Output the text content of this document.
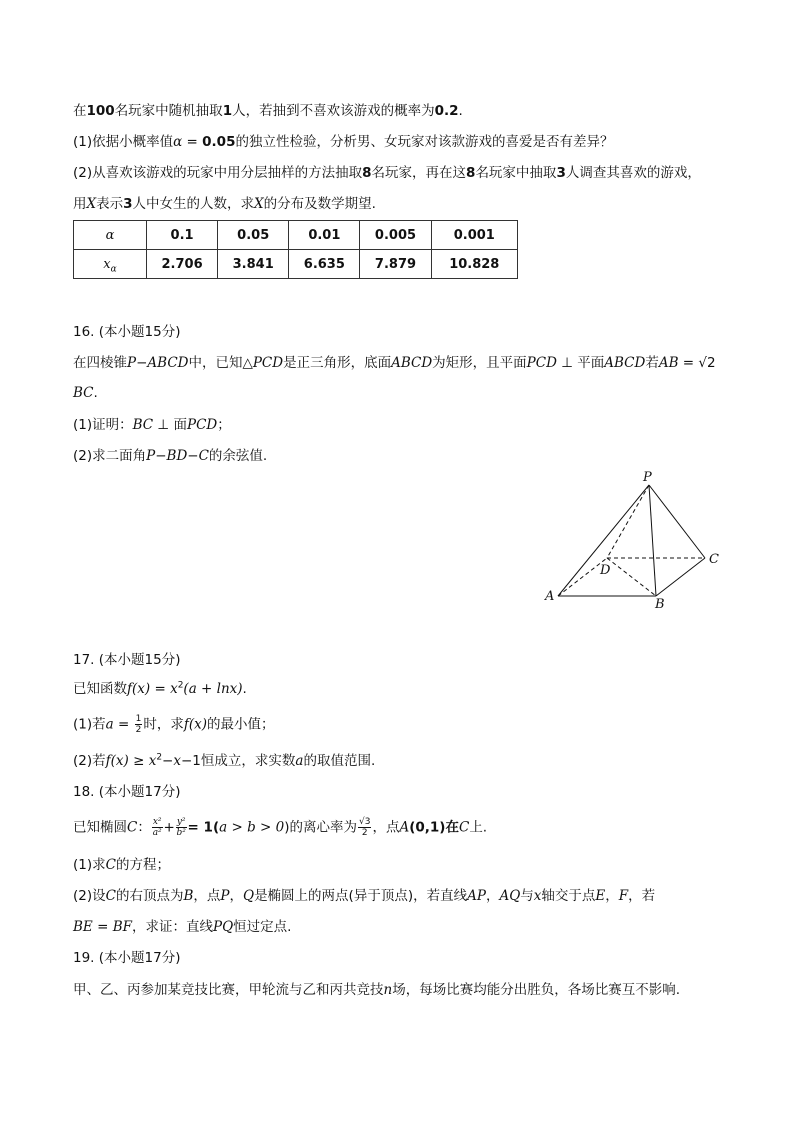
在100名玩家中随机抽取1人，若抽到不喜欢该游戏的概率为0.2.
(1)依据小概率值α = 0.05的独立性检验，分析男、女玩家对该款游戏的喜爱是否有差异？
(2)从喜欢该游戏的玩家中用分层抽样的方法抽取8名玩家，再在这8名玩家中抽取3人调查其喜欢的游戏，
用X表示3人中女生的人数，求X的分布及数学期望.
α	0.1	0.05	0.01	0.005	0.001
$x_\alpha$	2.706	3.841	6.635	7.879	10.828
16. (本小题15分)
在四棱锥P−ABCD中，已知△PCD是正三角形，底面ABCD为矩形，且平面PCD ⊥ 平面ABCD若AB = √2
BC.
(1)证明：BC ⊥ 面PCD；
(2)求二面角P−BD−C的余弦值.
P
A
B
C
D
17. (本小题15分)
已知函数$f(x) = x^2(a + \ln x)$.
(1)若$a = \frac{1}{2}$ 时，求f(x)的最小值；
(2)若$f(x) \ge x^2-x-1$恒成立，求实数a的取值范围.
18. (本小题17分)
已知椭圆C： $\frac{\text{x²}}{\text{a²}} + \frac{\text{y²}}{\text{b²}} = 1(a > b > 0)$的离心率为 $\frac{√3}{2}$ ，点A(0,1)在C上.
(1)求C的方程；
(2)设C的右顶点为B，点P，Q是椭圆上的两点(异于顶点)，若直线AP，AQ与x轴交于点E，F，若
BE = BF，求证：直线PQ恒过定点.
19. (本小题17分)
甲、乙、丙参加某竞技比赛，甲轮流与乙和丙共竞技n场，每场比赛均能分出胜负，各场比赛互不影响.
